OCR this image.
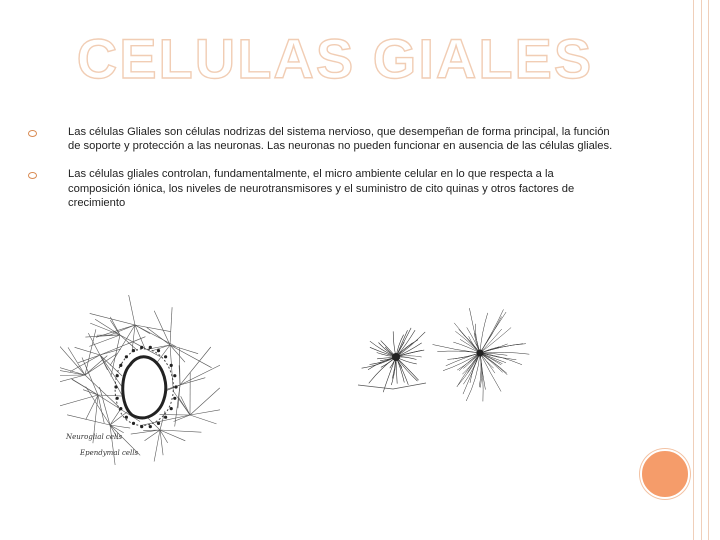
CELULAS GIALES
Las células Gliales son células nodrizas del sistema nervioso, que desempeñan de forma principal, la función de soporte y protección a las neuronas. Las neuronas no pueden funcionar en ausencia de las células gliales.
Las células gliales controlan, fundamentalmente, el micro ambiente celular en lo que respecta a la composición iónica, los niveles de neurotransmisores y el suministro de cito quinas y otros factores de crecimiento
Neuroglial cells
Ependymal cells
